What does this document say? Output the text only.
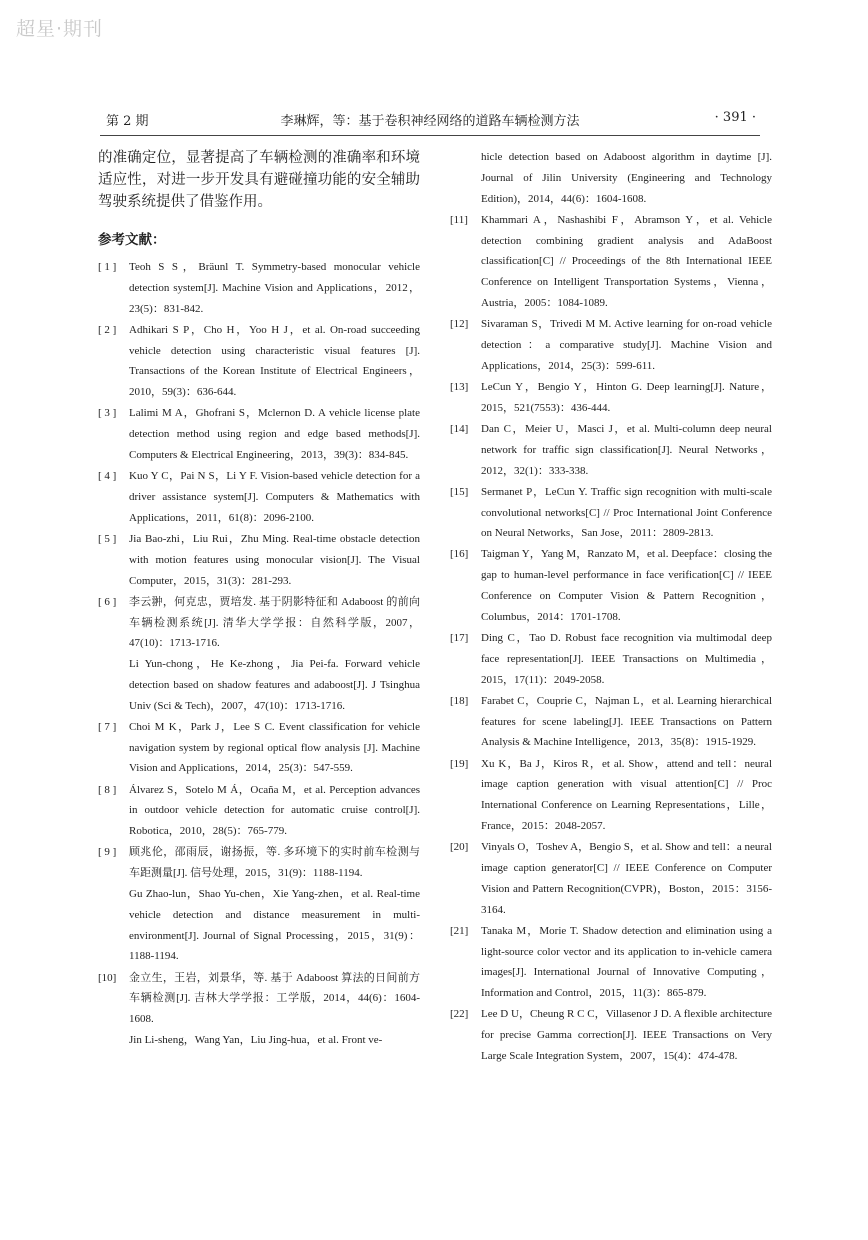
超星·期刊
第 2 期	李琳辉，等：基于卷积神经网络的道路车辆检测方法	· 391 ·

的准确定位，显著提高了车辆检测的准确率和环境适应性，对进一步开发具有避碰撞功能的安全辅助驾驶系统提供了借鉴作用。

参考文献：
[ 1 ] Teoh S S，Bräunl T. Symmetry-based monocular vehicle detection system[J]. Machine Vision and Applications，2012，23(5)：831-842.
[ 2 ] Adhikari S P，Cho H，Yoo H J，et al. On-road succeeding vehicle detection using characteristic visual features [J]. Transactions of the Korean Institute of Electrical Engineers，2010，59(3)：636-644.
[ 3 ] Lalimi M A，Ghofrani S，Mclernon D. A vehicle license plate detection method using region and edge based methods[J]. Computers & Electrical Engineering，2013，39(3)：834-845.
[ 4 ] Kuo Y C，Pai N S，Li Y F. Vision-based vehicle detection for a driver assistance system[J]. Computers & Mathematics with Applications，2011，61(8)：2096-2100.
[ 5 ] Jia Bao-zhi，Liu Rui，Zhu Ming. Real-time obstacle detection with motion features using monocular vision[J]. The Visual Computer，2015，31(3)：281-293.
[ 6 ] 李云翀，何克忠，贾培发. 基于阴影特征和 Adaboost 的前向车辆检测系统[J]. 清华大学学报：自然科学版，2007，47(10)：1713-1716.
Li Yun-chong，He Ke-zhong，Jia Pei-fa. Forward vehicle detection based on shadow features and adaboost[J]. J Tsinghua Univ (Sci & Tech)，2007，47(10)：1713-1716.
[ 7 ] Choi M K，Park J，Lee S C. Event classification for vehicle navigation system by regional optical flow analysis [J]. Machine Vision and Applications，2014，25(3)：547-559.
[ 8 ] Álvarez S，Sotelo M Á，Ocaña M，et al. Perception advances in outdoor vehicle detection for automatic cruise control[J]. Robotica，2010，28(5)：765-779.
[ 9 ] 顾兆伦，邵雨辰，谢扬振，等. 多环境下的实时前车检测与车距测量[J]. 信号处理，2015，31(9)：1188-1194.
Gu Zhao-lun，Shao Yu-chen，Xie Yang-zhen，et al. Real-time vehicle detection and distance measurement in multi-environment[J]. Journal of Signal Processing，2015，31(9)：1188-1194.
[10] 金立生，王岩，刘景华，等. 基于 Adaboost 算法的日间前方车辆检测[J]. 吉林大学学报：工学版，2014，44(6)：1604-1608.
Jin Li-sheng，Wang Yan，Liu Jing-hua，et al. Front ve-
hicle detection based on Adaboost algorithm in daytime [J]. Journal of Jilin University (Engineering and Technology Edition)，2014，44(6)：1604-1608.
[11] Khammari A，Nashashibi F，Abramson Y，et al. Vehicle detection combining gradient analysis and AdaBoost classification[C] // Proceedings of the 8th International IEEE Conference on Intelligent Transportation Systems，Vienna，Austria，2005：1084-1089.
[12] Sivaraman S，Trivedi M M. Active learning for on-road vehicle detection：a comparative study[J]. Machine Vision and Applications，2014，25(3)：599-611.
[13] LeCun Y，Bengio Y，Hinton G. Deep learning[J]. Nature，2015，521(7553)：436-444.
[14] Dan C，Meier U，Masci J，et al. Multi-column deep neural network for traffic sign classification[J]. Neural Networks，2012，32(1)：333-338.
[15] Sermanet P，LeCun Y. Traffic sign recognition with multi-scale convolutional networks[C] // Proc International Joint Conference on Neural Networks，San Jose，2011：2809-2813.
[16] Taigman Y，Yang M，Ranzato M，et al. Deepface：closing the gap to human-level performance in face verification[C] // IEEE Conference on Computer Vision & Pattern Recognition，Columbus，2014：1701-1708.
[17] Ding C，Tao D. Robust face recognition via multimodal deep face representation[J]. IEEE Transactions on Multimedia，2015，17(11)：2049-2058.
[18] Farabet C，Couprie C，Najman L，et al. Learning hierarchical features for scene labeling[J]. IEEE Transactions on Pattern Analysis & Machine Intelligence，2013，35(8)：1915-1929.
[19] Xu K，Ba J，Kiros R，et al. Show，attend and tell：neural image caption generation with visual attention[C] // Proc International Conference on Learning Representations，Lille，France，2015：2048-2057.
[20] Vinyals O，Toshev A，Bengio S，et al. Show and tell：a neural image caption generator[C] // IEEE Conference on Computer Vision and Pattern Recognition(CVPR)，Boston，2015：3156-3164.
[21] Tanaka M，Morie T. Shadow detection and elimination using a light-source color vector and its application to in-vehicle camera images[J]. International Journal of Innovative Computing，Information and Control，2015，11(3)：865-879.
[22] Lee D U，Cheung R C C，Villasenor J D. A flexible architecture for precise Gamma correction[J]. IEEE Transactions on Very Large Scale Integration System，2007，15(4)：474-478.
